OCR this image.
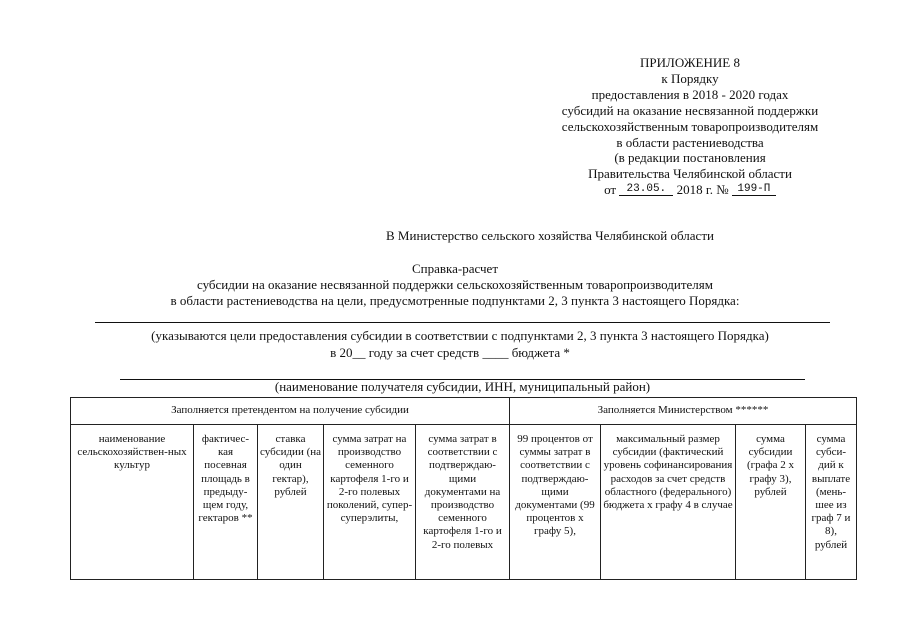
ПРИЛОЖЕНИЕ 8
к Порядку
предоставления в 2018 - 2020 годах
субсидий на оказание несвязанной поддержки
сельскохозяйственным товаропроизводителям
в области растениеводства
(в редакции постановления
Правительства Челябинской области
от 23.05. 2018 г. № 199-П
В Министерство сельского хозяйства Челябинской области
Справка-расчет
субсидии на оказание несвязанной поддержки сельскохозяйственным товаропроизводителям
в области растениеводства на цели, предусмотренные подпунктами 2, 3 пункта 3 настоящего Порядка:
(указываются цели предоставления субсидии в соответствии с подпунктами 2, 3 пункта 3 настоящего Порядка)
в 20__ году за счет средств ____ бюджета *
(наименование получателя субсидии, ИНН, муниципальный район)
Заполняется претендентом на получение субсидии					Заполняется Министерством ******			
наименование сельскохозяйствен-ных культур	фактичес-кая посевная площадь в предыду-щем году, гектаров **	ставка субсидии (на один гектар), рублей	сумма затрат на производство семенного картофеля 1-го и 2-го полевых поколений, супер-суперэлиты,	сумма затрат в соответствии с подтверждаю-щими документами на производство семенного картофеля 1-го и 2-го полевых	99 процентов от суммы затрат в соответствии с подтверждаю-щими документами (99 процентов х графу 5),	максимальный размер субсидии (фактический уровень софинансирования расходов за счет средств областного (федерального) бюджета х графу 4 в случае	сумма субсидии (графа 2 х графу 3), рублей	сумма субси-дий к выплате (мень-шее из граф 7 и 8), рублей
